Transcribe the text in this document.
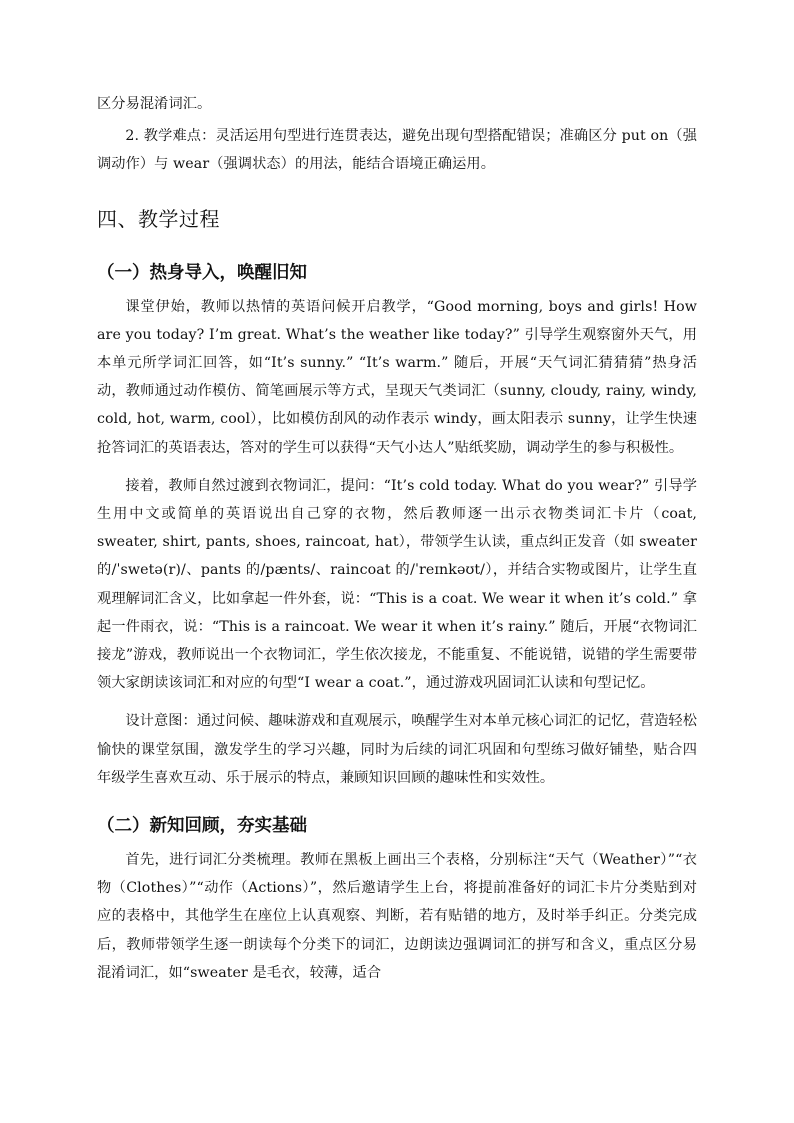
区分易混淆词汇。

2. 教学难点：灵活运用句型进行连贯表达，避免出现句型搭配错误；准确区分 put on（强调动作）与 wear（强调状态）的用法，能结合语境正确运用。

四、教学过程
（一）热身导入，唤醒旧知

课堂伊始，教师以热情的英语问候开启教学，“Good morning, boys and girls! How are you today? I’m great. What’s the weather like today?” 引导学生观察窗外天气，用本单元所学词汇回答，如“It’s sunny.” “It’s warm.” 随后，开展“天气词汇猜猜猜”热身活动，教师通过动作模仿、简笔画展示等方式，呈现天气类词汇（sunny, cloudy, rainy, windy, cold, hot, warm, cool），比如模仿刮风的动作表示 windy，画太阳表示 sunny，让学生快速抢答词汇的英语表达，答对的学生可以获得“天气小达人”贴纸奖励，调动学生的参与积极性。

接着，教师自然过渡到衣物词汇，提问：“It’s cold today. What do you wear?” 引导学生用中文或简单的英语说出自己穿的衣物，然后教师逐一出示衣物类词汇卡片（coat, sweater, shirt, pants, shoes, raincoat, hat），带领学生认读，重点纠正发音（如 sweater 的/ˈswetə(r)/、pants 的/pænts/、raincoat 的/ˈreɪnkəʊt/），并结合实物或图片，让学生直观理解词汇含义，比如拿起一件外套，说：“This is a coat. We wear it when it’s cold.” 拿起一件雨衣，说：“This is a raincoat. We wear it when it’s rainy.” 随后，开展“衣物词汇接龙”游戏，教师说出一个衣物词汇，学生依次接龙，不能重复、不能说错，说错的学生需要带领大家朗读该词汇和对应的句型“I wear a coat.”，通过游戏巩固词汇认读和句型记忆。

设计意图：通过问候、趣味游戏和直观展示，唤醒学生对本单元核心词汇的记忆，营造轻松愉快的课堂氛围，激发学生的学习兴趣，同时为后续的词汇巩固和句型练习做好铺垫，贴合四年级学生喜欢互动、乐于展示的特点，兼顾知识回顾的趣味性和实效性。

（二）新知回顾，夯实基础

首先，进行词汇分类梳理。教师在黑板上画出三个表格，分别标注“天气（Weather）”“衣物（Clothes）”“动作（Actions）”，然后邀请学生上台，将提前准备好的词汇卡片分类贴到对应的表格中，其他学生在座位上认真观察、判断，若有贴错的地方，及时举手纠正。分类完成后，教师带领学生逐一朗读每个分类下的词汇，边朗读边强调词汇的拼写和含义，重点区分易混淆词汇，如“sweater 是毛衣，较薄，适合
